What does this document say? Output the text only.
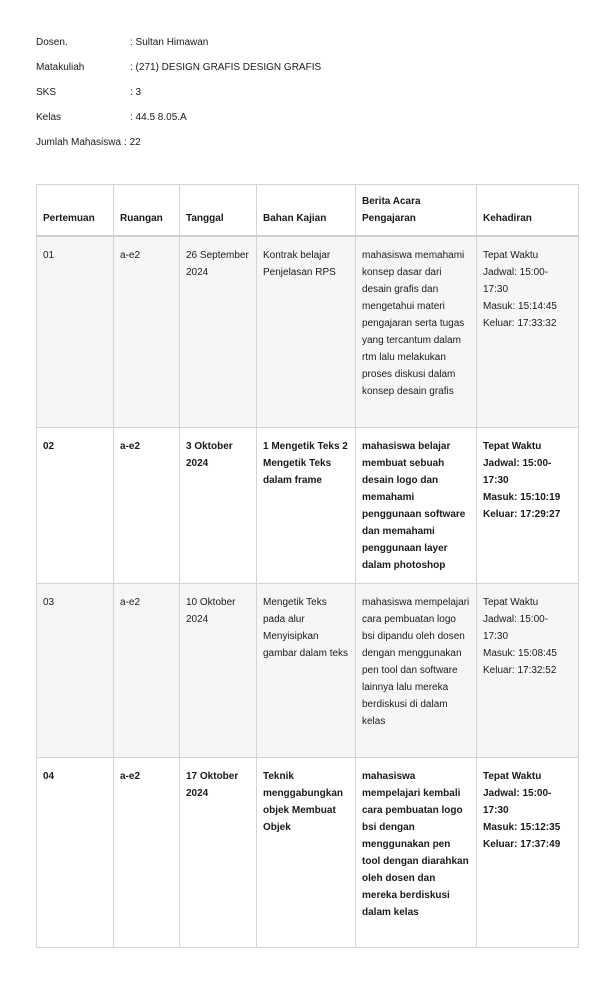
Dosen.	: Sultan Himawan
Matakuliah	: (271) DESIGN GRAFIS DESIGN GRAFIS
SKS	: 3
Kelas	: 44.5 8.05.A
Jumlah Mahasiswa : 22
Pertemuan	Ruangan	Tanggal	Bahan Kajian	Berita Acara Pengajaran	Kehadiran
01	a-e2	26 September 2024	Kontrak belajar Penjelasan RPS	mahasiswa memahami konsep dasar dari desain grafis dan mengetahui materi pengajaran serta tugas yang tercantum dalam rtm lalu melakukan proses diskusi dalam konsep desain grafis	Tepat Waktu
Jadwal: 15:00-17:30
Masuk: 15:14:45
Keluar: 17:33:32

02	a-e2	3 Oktober 2024	1 Mengetik Teks 2 Mengetik Teks dalam frame	mahasiswa belajar membuat sebuah desain logo dan memahami penggunaan software dan memahami penggunaan layer dalam photoshop	Tepat Waktu
Jadwal: 15:00-17:30
Masuk: 15:10:19
Keluar: 17:29:27

03	a-e2	10 Oktober 2024	Mengetik Teks pada alur Menyisipkan gambar dalam teks	mahasiswa mempelajari cara pembuatan logo bsi dipandu oleh dosen dengan menggunakan pen tool dan software lainnya lalu mereka berdiskusi di dalam kelas	Tepat Waktu
Jadwal: 15:00-17:30
Masuk: 15:08:45
Keluar: 17:32:52

04	a-e2	17 Oktober 2024	Teknik menggabungkan objek Membuat Objek	mahasiswa mempelajari kembali cara pembuatan logo bsi dengan menggunakan pen tool dengan diarahkan oleh dosen dan mereka berdiskusi dalam kelas	Tepat Waktu
Jadwal: 15:00-17:30
Masuk: 15:12:35
Keluar: 17:37:49
